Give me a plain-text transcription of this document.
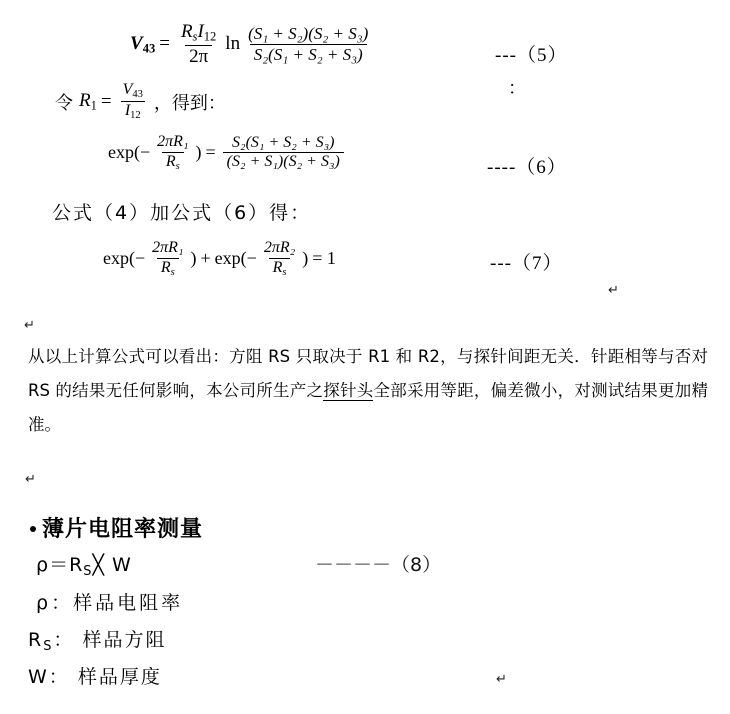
$V43 = \frac{R_sI12}{2\pi}$ $\ln \frac{\text{(S₁ + S₂)(S₂ + S₃)}}{\text{S₂(S₁ + S₂ + S₃)}}$	---（5）
：
令 $R1 = \frac{V43}{I12}$ ，得到：
exp (− $\frac{\text{2πR₁}}{R_s}$ ) = $\frac{\text{S₂(S₁ + S₂ + S₃)}}{\text{(S₂ + S₁)(S₂ + S₃)}}$	----（6）
公式（4）加公式（6）得：
exp (− $\frac{\text{2πR₁}}{R_s}$ ) + exp (− $\frac{\text{2πR₂}}{R_s}$ ) = 1	---（7）
↵
↵
↵
↵
从以上计算公式可以看出：方阻 RS 只取决于 R1 和 R2，与探针间距无关．针距相等与否对 RS 的结果无任何影响，本公司所生产之探针头全部采用等距，偏差微小，对测试结果更加精准。
薄片电阻率测量
$\rho=R_S╳$ W	－－－－（8）
ρ：样品电阻率
$R_S$： 样品方阻
W： 样品厚度
